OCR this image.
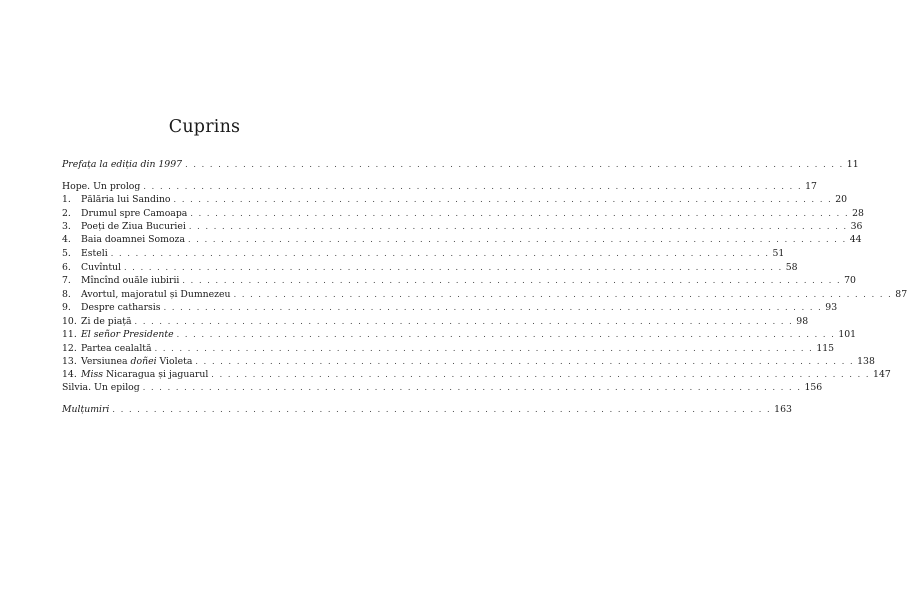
Cuprins
Prefața la ediția din 1997 . . . . . . . . . . . . . . . . . . . . . . . . . . . . . . . . . . . . . . . . . . . . . . . . . . . . . . . . . . . . . . . . . . . . . . . . . . . . . . . . 11
Hope. Un prolog . . . . . . . . . . . . . . . . . . . . . . . . . . . . . . . . . . . . . . . . . . . . . . . . . . . . . . . . . . . . . . . . . . . . . . . . . . . . . . . . 17
1.	Pălăria lui Sandino . . . . . . . . . . . . . . . . . . . . . . . . . . . . . . . . . . . . . . . . . . . . . . . . . . . . . . . . . . . . . . . . . . . . . . . . . . . . . . . . 20
2.	Drumul spre Camoapa . . . . . . . . . . . . . . . . . . . . . . . . . . . . . . . . . . . . . . . . . . . . . . . . . . . . . . . . . . . . . . . . . . . . . . . . . . . . . . . . 28
3.	Poeți de Ziua Bucuriei . . . . . . . . . . . . . . . . . . . . . . . . . . . . . . . . . . . . . . . . . . . . . . . . . . . . . . . . . . . . . . . . . . . . . . . . . . . . . . . . 36
4.	Baia doamnei Somoza . . . . . . . . . . . . . . . . . . . . . . . . . . . . . . . . . . . . . . . . . . . . . . . . . . . . . . . . . . . . . . . . . . . . . . . . . . . . . . . . 44
5.	Esteli . . . . . . . . . . . . . . . . . . . . . . . . . . . . . . . . . . . . . . . . . . . . . . . . . . . . . . . . . . . . . . . . . . . . . . . . . . . . . . . . 51
6.	Cuvîntul . . . . . . . . . . . . . . . . . . . . . . . . . . . . . . . . . . . . . . . . . . . . . . . . . . . . . . . . . . . . . . . . . . . . . . . . . . . . . . . . 58
7.	Mîncînd ouăle iubirii . . . . . . . . . . . . . . . . . . . . . . . . . . . . . . . . . . . . . . . . . . . . . . . . . . . . . . . . . . . . . . . . . . . . . . . . . . . . . . . . 70
8.	Avortul, majoratul și Dumnezeu . . . . . . . . . . . . . . . . . . . . . . . . . . . . . . . . . . . . . . . . . . . . . . . . . . . . . . . . . . . . . . . . . . . . . . . . . . . . . . . . 87
9.	Despre catharsis . . . . . . . . . . . . . . . . . . . . . . . . . . . . . . . . . . . . . . . . . . . . . . . . . . . . . . . . . . . . . . . . . . . . . . . . . . . . . . . . 93
10. Zi de piață . . . . . . . . . . . . . . . . . . . . . . . . . . . . . . . . . . . . . . . . . . . . . . . . . . . . . . . . . . . . . . . . . . . . . . . . . . . . . . . . 98
11. El señor Presidente . . . . . . . . . . . . . . . . . . . . . . . . . . . . . . . . . . . . . . . . . . . . . . . . . . . . . . . . . . . . . . . . . . . . . . . . . . . . . . . . 101
12. Partea cealaltă . . . . . . . . . . . . . . . . . . . . . . . . . . . . . . . . . . . . . . . . . . . . . . . . . . . . . . . . . . . . . . . . . . . . . . . . . . . . . . . . 115
13. Versiunea doñei Violeta . . . . . . . . . . . . . . . . . . . . . . . . . . . . . . . . . . . . . . . . . . . . . . . . . . . . . . . . . . . . . . . . . . . . . . . . . . . . . . . . 138
14. Miss Nicaragua și jaguarul . . . . . . . . . . . . . . . . . . . . . . . . . . . . . . . . . . . . . . . . . . . . . . . . . . . . . . . . . . . . . . . . . . . . . . . . . . . . . . . . 147
Silvia. Un epilog . . . . . . . . . . . . . . . . . . . . . . . . . . . . . . . . . . . . . . . . . . . . . . . . . . . . . . . . . . . . . . . . . . . . . . . . . . . . . . . . 156
Mulțumiri . . . . . . . . . . . . . . . . . . . . . . . . . . . . . . . . . . . . . . . . . . . . . . . . . . . . . . . . . . . . . . . . . . . . . . . . . . . . . . . . 163
